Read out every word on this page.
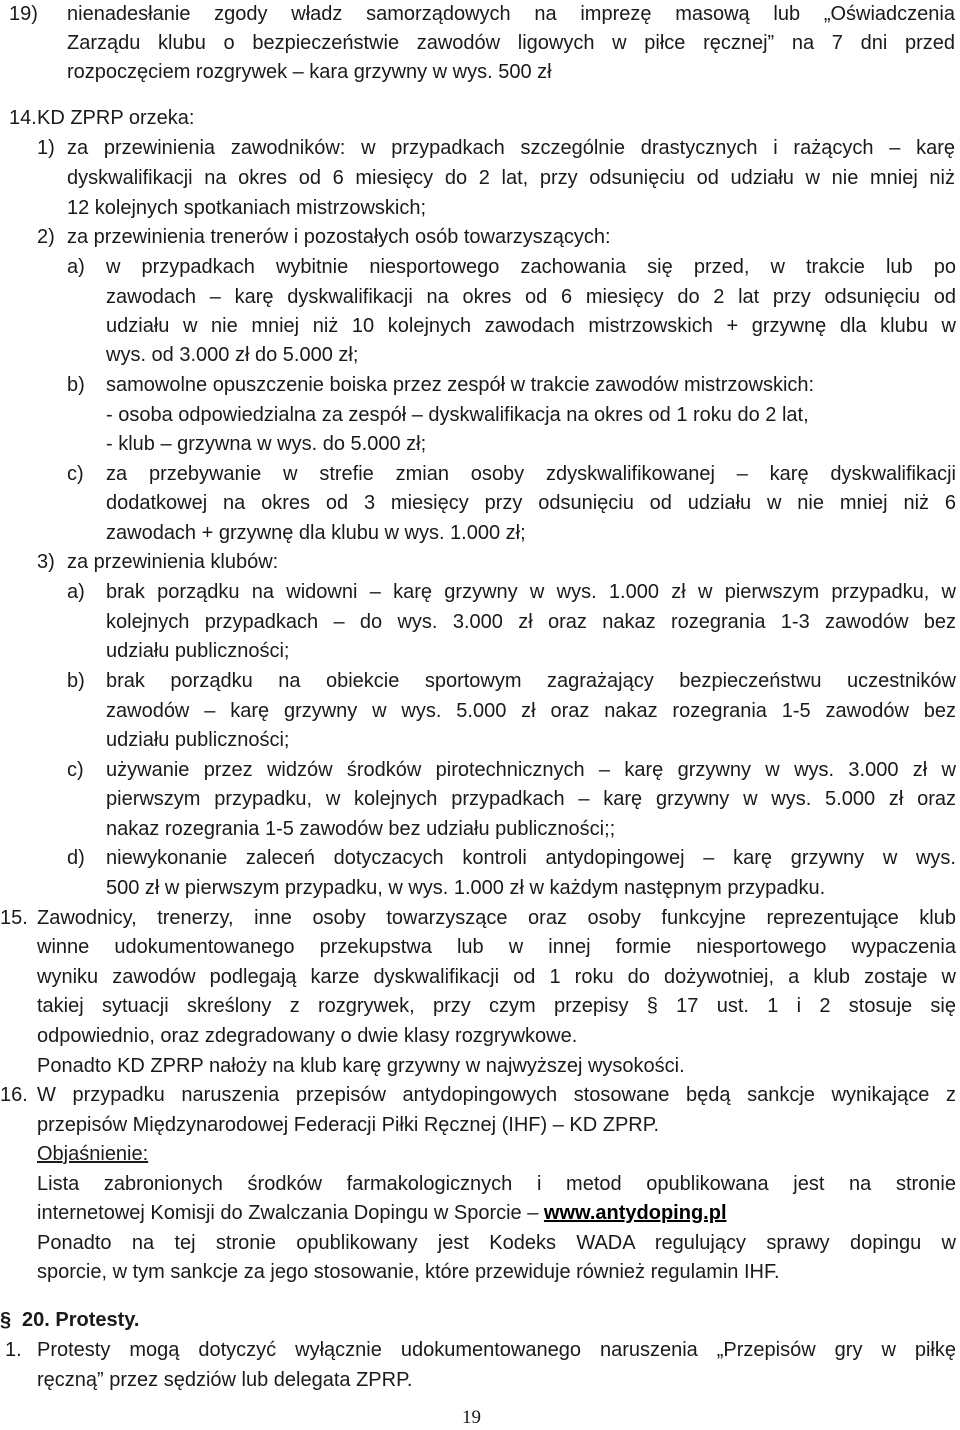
19) nienadesłanie zgody władz samorządowych na imprezę masową lub „Oświadczenia
Zarządu klubu o bezpieczeństwie zawodów ligowych w piłce ręcznej” na 7 dni przed
rozpoczęciem rozgrywek – kara grzywny w wys. 500 zł
14. KD ZPRP orzeka:
1) za przewinienia zawodników: w przypadkach szczególnie drastycznych i rażących – karę
dyskwalifikacji na okres od 6 miesięcy do 2 lat, przy odsunięciu od udziału w nie mniej niż
12 kolejnych spotkaniach mistrzowskich;
2) za przewinienia trenerów i pozostałych osób towarzyszących:
a) w przypadkach wybitnie niesportowego zachowania się przed, w trakcie lub po
zawodach – karę dyskwalifikacji na okres od 6 miesięcy do 2 lat przy odsunięciu od
udziału w nie mniej niż 10 kolejnych zawodach mistrzowskich + grzywnę dla klubu w
wys. od 3.000 zł do 5.000 zł;
b) samowolne opuszczenie boiska przez zespół w trakcie zawodów mistrzowskich:
- osoba odpowiedzialna za zespół – dyskwalifikacja na okres od 1 roku do 2 lat,
- klub – grzywna w wys. do 5.000 zł;
c) za przebywanie w strefie zmian osoby zdyskwalifikowanej – karę dyskwalifikacji
dodatkowej na okres od 3 miesięcy przy odsunięciu od udziału w nie mniej niż 6
zawodach + grzywnę dla klubu w wys. 1.000 zł;
3) za przewinienia klubów:
a) brak porządku na widowni – karę grzywny w wys. 1.000 zł w pierwszym przypadku, w
kolejnych przypadkach – do wys. 3.000 zł oraz nakaz rozegrania 1-3 zawodów bez
udziału publiczności;
b) brak porządku na obiekcie sportowym zagrażający bezpieczeństwu uczestników
zawodów – karę grzywny w wys. 5.000 zł oraz nakaz rozegrania 1-5 zawodów bez
udziału publiczności;
c) używanie przez widzów środków pirotechnicznych – karę grzywny w wys. 3.000 zł w
pierwszym przypadku, w kolejnych przypadkach – karę grzywny w wys. 5.000 zł oraz
nakaz rozegrania 1-5 zawodów bez udziału publiczności;;
d) niewykonanie zaleceń dotyczacych kontroli antydopingowej – karę grzywny w wys.
500 zł w pierwszym przypadku, w wys. 1.000 zł w każdym następnym przypadku.
15. Zawodnicy, trenerzy, inne osoby towarzyszące oraz osoby funkcyjne reprezentujące klub
winne udokumentowanego przekupstwa lub w innej formie niesportowego wypaczenia
wyniku zawodów podlegają karze dyskwalifikacji od 1 roku do dożywotniej, a klub zostaje w
takiej sytuacji skreślony z rozgrywek, przy czym przepisy § 17 ust. 1 i 2 stosuje się
odpowiednio, oraz zdegradowany o dwie klasy rozgrywkowe.
Ponadto KD ZPRP nałoży na klub karę grzywny w najwyższej wysokości.
16. W przypadku naruszenia przepisów antydopingowych stosowane będą sankcje wynikające z
przepisów Międzynarodowej Federacji Piłki Ręcznej (IHF) – KD ZPRP.
Objaśnienie:
Lista zabronionych środków farmakologicznych i metod opublikowana jest na stronie
internetowej Komisji do Zwalczania Dopingu w Sporcie – www.antydoping.pl
Ponadto na tej stronie opublikowany jest Kodeks WADA regulujący sprawy dopingu w
sporcie, w tym sankcje za jego stosowanie, które przewiduje również regulamin IHF.
§ 20. Protesty.
1. Protesty mogą dotyczyć wyłącznie udokumentowanego naruszenia „Przepisów gry w piłkę
ręczną” przez sędziów lub delegata ZPRP.
19
